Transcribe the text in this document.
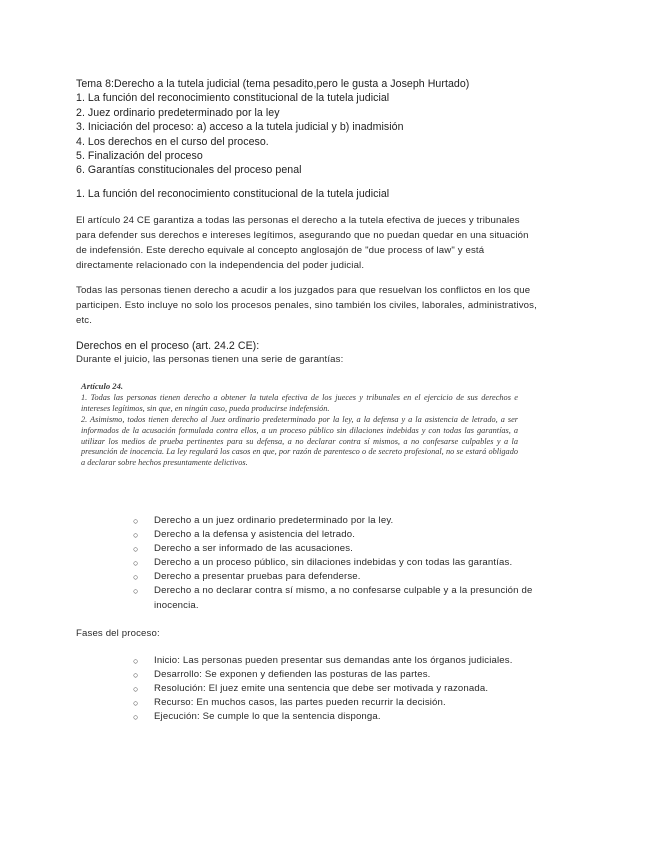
Tema 8:Derecho a la tutela judicial (tema pesadito,pero le gusta a Joseph Hurtado)
1. La función del reconocimiento constitucional de la tutela judicial
2. Juez ordinario predeterminado por la ley
3. Iniciación del proceso: a) acceso a la tutela judicial y b) inadmisión
4. Los derechos en el curso del proceso.
5. Finalización del proceso
6. Garantías constitucionales del proceso penal
1. La función del reconocimiento constitucional de la tutela judicial

El artículo 24 CE garantiza a todas las personas el derecho a la tutela efectiva de jueces y tribunales

para defender sus derechos e intereses legítimos, asegurando que no puedan quedar en una situación

de indefensión. Este derecho equivale al concepto anglosajón de "due process of law" y está

directamente relacionado con la independencia del poder judicial.

Todas las personas tienen derecho a acudir a los juzgados para que resuelvan los conflictos en los que

participen. Esto incluye no solo los procesos penales, sino también los civiles, laborales, administrativos,

etc.

Derechos en el proceso (art. 24.2 CE):
Durante el juicio, las personas tienen una serie de garantías:
Artículo 24.

1. Todas las personas tienen derecho a obtener la tutela efectiva de los jueces y tribunales en el ejercicio de sus derechos e intereses legítimos, sin que, en ningún caso, pueda producirse indefensión.

2. Asimismo, todos tienen derecho al Juez ordinario predeterminado por la ley, a la defensa y a la asistencia de letrado, a ser informados de la acusación formulada contra ellos, a un proceso público sin dilaciones indebidas y con todas las garantías, a utilizar los medios de prueba pertinentes para su defensa, a no declarar contra sí mismos, a no confesarse culpables y a la presunción de inocencia. La ley regulará los casos en que, por razón de parentesco o de secreto profesional, no se estará obligado a declarar sobre hechos presuntamente delictivos.

○ Derecho a un juez ordinario predeterminado por la ley.
○ Derecho a la defensa y asistencia del letrado.
○ Derecho a ser informado de las acusaciones.
○ Derecho a un proceso público, sin dilaciones indebidas y con todas las garantías.
○ Derecho a presentar pruebas para defenderse.
○ Derecho a no declarar contra sí mismo, a no confesarse culpable y a la presunción de inocencia.

Fases del proceso:

○ Inicio: Las personas pueden presentar sus demandas ante los órganos judiciales.
○ Desarrollo: Se exponen y defienden las posturas de las partes.
○ Resolución: El juez emite una sentencia que debe ser motivada y razonada.
○ Recurso: En muchos casos, las partes pueden recurrir la decisión.
○ Ejecución: Se cumple lo que la sentencia disponga.
